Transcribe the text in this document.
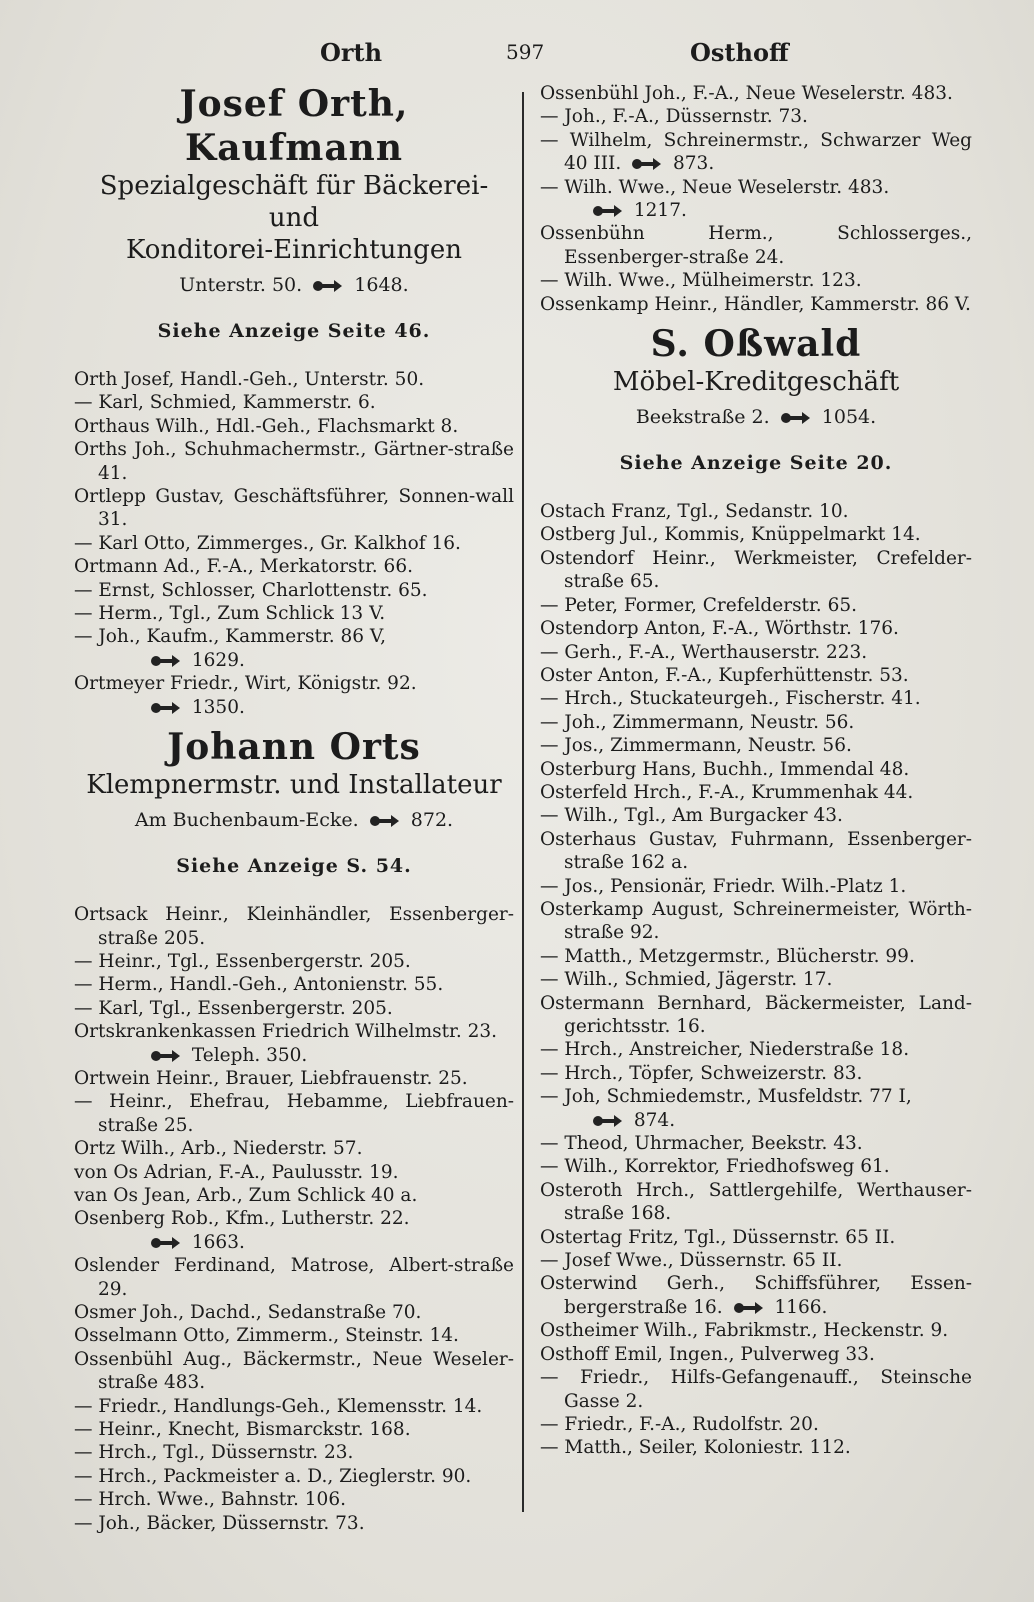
Orth	597	Osthoff
Josef Orth, Kaufmann
Spezialgeschäft für Bäckerei- und
Konditorei-Einrichtungen
Unterstr. 50.	1648.
Siehe Anzeige Seite 46.

Orth Josef, Handl.-Geh., Unterstr. 50.

— Karl, Schmied, Kammerstr. 6.

Orthaus Wilh., Hdl.-Geh., Flachsmarkt 8.

Orths Joh., Schuhmachermstr., Gärtner-straße 41.

Ortlepp Gustav, Geschäftsführer, Sonnen-wall 31.

— Karl Otto, Zimmerges., Gr. Kalkhof 16.

Ortmann Ad., F.-A., Merkatorstr. 66.

— Ernst, Schlosser, Charlottenstr. 65.

— Herm., Tgl., Zum Schlick 13 V.

— Joh., Kaufm., Kammerstr. 86 V,

1629.

Ortmeyer Friedr., Wirt, Königstr. 92.

1350.

Johann Orts
Klempnermstr. und Installateur
Am Buchenbaum-Ecke.	872.
Siehe Anzeige S. 54.

Ortsack Heinr., Kleinhändler, Essenberger-straße 205.

— Heinr., Tgl., Essenbergerstr. 205.

— Herm., Handl.-Geh., Antonienstr. 55.

— Karl, Tgl., Essenbergerstr. 205.

Ortskrankenkassen Friedrich Wilhelmstr. 23.

Teleph. 350.

Ortwein Heinr., Brauer, Liebfrauenstr. 25.

— Heinr., Ehefrau, Hebamme, Liebfrauen-straße 25.

Ortz Wilh., Arb., Niederstr. 57.

von Os Adrian, F.-A., Paulusstr. 19.

van Os Jean, Arb., Zum Schlick 40 a.

Osenberg Rob., Kfm., Lutherstr. 22.

1663.

Oslender Ferdinand, Matrose, Albert-straße 29.

Osmer Joh., Dachd., Sedanstraße 70.

Osselmann Otto, Zimmerm., Steinstr. 14.

Ossenbühl Aug., Bäckermstr., Neue Weseler-straße 483.

— Friedr., Handlungs-Geh., Klemensstr. 14.

— Heinr., Knecht, Bismarckstr. 168.

— Hrch., Tgl., Düssernstr. 23.

— Hrch., Packmeister a. D., Zieglerstr. 90.

— Hrch. Wwe., Bahnstr. 106.

— Joh., Bäcker, Düssernstr. 73.

Ossenbühl Joh., F.-A., Neue Weselerstr. 483.

— Joh., F.-A., Düssernstr. 73.

— Wilhelm, Schreinermstr., Schwarzer Weg 40 III.	873.

— Wilh. Wwe., Neue Weselerstr. 483.

1217.

Ossenbühn Herm., Schlosserges., Essenberger-straße 24.

— Wilh. Wwe., Mülheimerstr. 123.

Ossenkamp Heinr., Händler, Kammerstr. 86 V.

S. Oßwald
Möbel-Kreditgeschäft
Beekstraße 2.	1054.
Siehe Anzeige Seite 20.

Ostach Franz, Tgl., Sedanstr. 10.

Ostberg Jul., Kommis, Knüppelmarkt 14.

Ostendorf Heinr., Werkmeister, Crefelder-straße 65.

— Peter, Former, Crefelderstr. 65.

Ostendorp Anton, F.-A., Wörthstr. 176.

— Gerh., F.-A., Werthauserstr. 223.

Oster Anton, F.-A., Kupferhüttenstr. 53.

— Hrch., Stuckateurgeh., Fischerstr. 41.

— Joh., Zimmermann, Neustr. 56.

— Jos., Zimmermann, Neustr. 56.

Osterburg Hans, Buchh., Immendal 48.

Osterfeld Hrch., F.-A., Krummenhak 44.

— Wilh., Tgl., Am Burgacker 43.

Osterhaus Gustav, Fuhrmann, Essenberger-straße 162 a.

— Jos., Pensionär, Friedr. Wilh.-Platz 1.

Osterkamp August, Schreinermeister, Wörth-straße 92.

— Matth., Metzgermstr., Blücherstr. 99.

— Wilh., Schmied, Jägerstr. 17.

Ostermann Bernhard, Bäckermeister, Land-gerichtsstr. 16.

— Hrch., Anstreicher, Niederstraße 18.

— Hrch., Töpfer, Schweizerstr. 83.

— Joh, Schmiedemstr., Musfeldstr. 77 I,

874.

— Theod, Uhrmacher, Beekstr. 43.

— Wilh., Korrektor, Friedhofsweg 61.

Osteroth Hrch., Sattlergehilfe, Werthauser-straße 168.

Ostertag Fritz, Tgl., Düssernstr. 65 II.

— Josef Wwe., Düssernstr. 65 II.

Osterwind Gerh., Schiffsführer, Essen-bergerstraße 16.	1166.

Ostheimer Wilh., Fabrikmstr., Heckenstr. 9.

Osthoff Emil, Ingen., Pulverweg 33.

— Friedr., Hilfs-Gefangenauff., Steinsche Gasse 2.

— Friedr., F.-A., Rudolfstr. 20.

— Matth., Seiler, Koloniestr. 112.
